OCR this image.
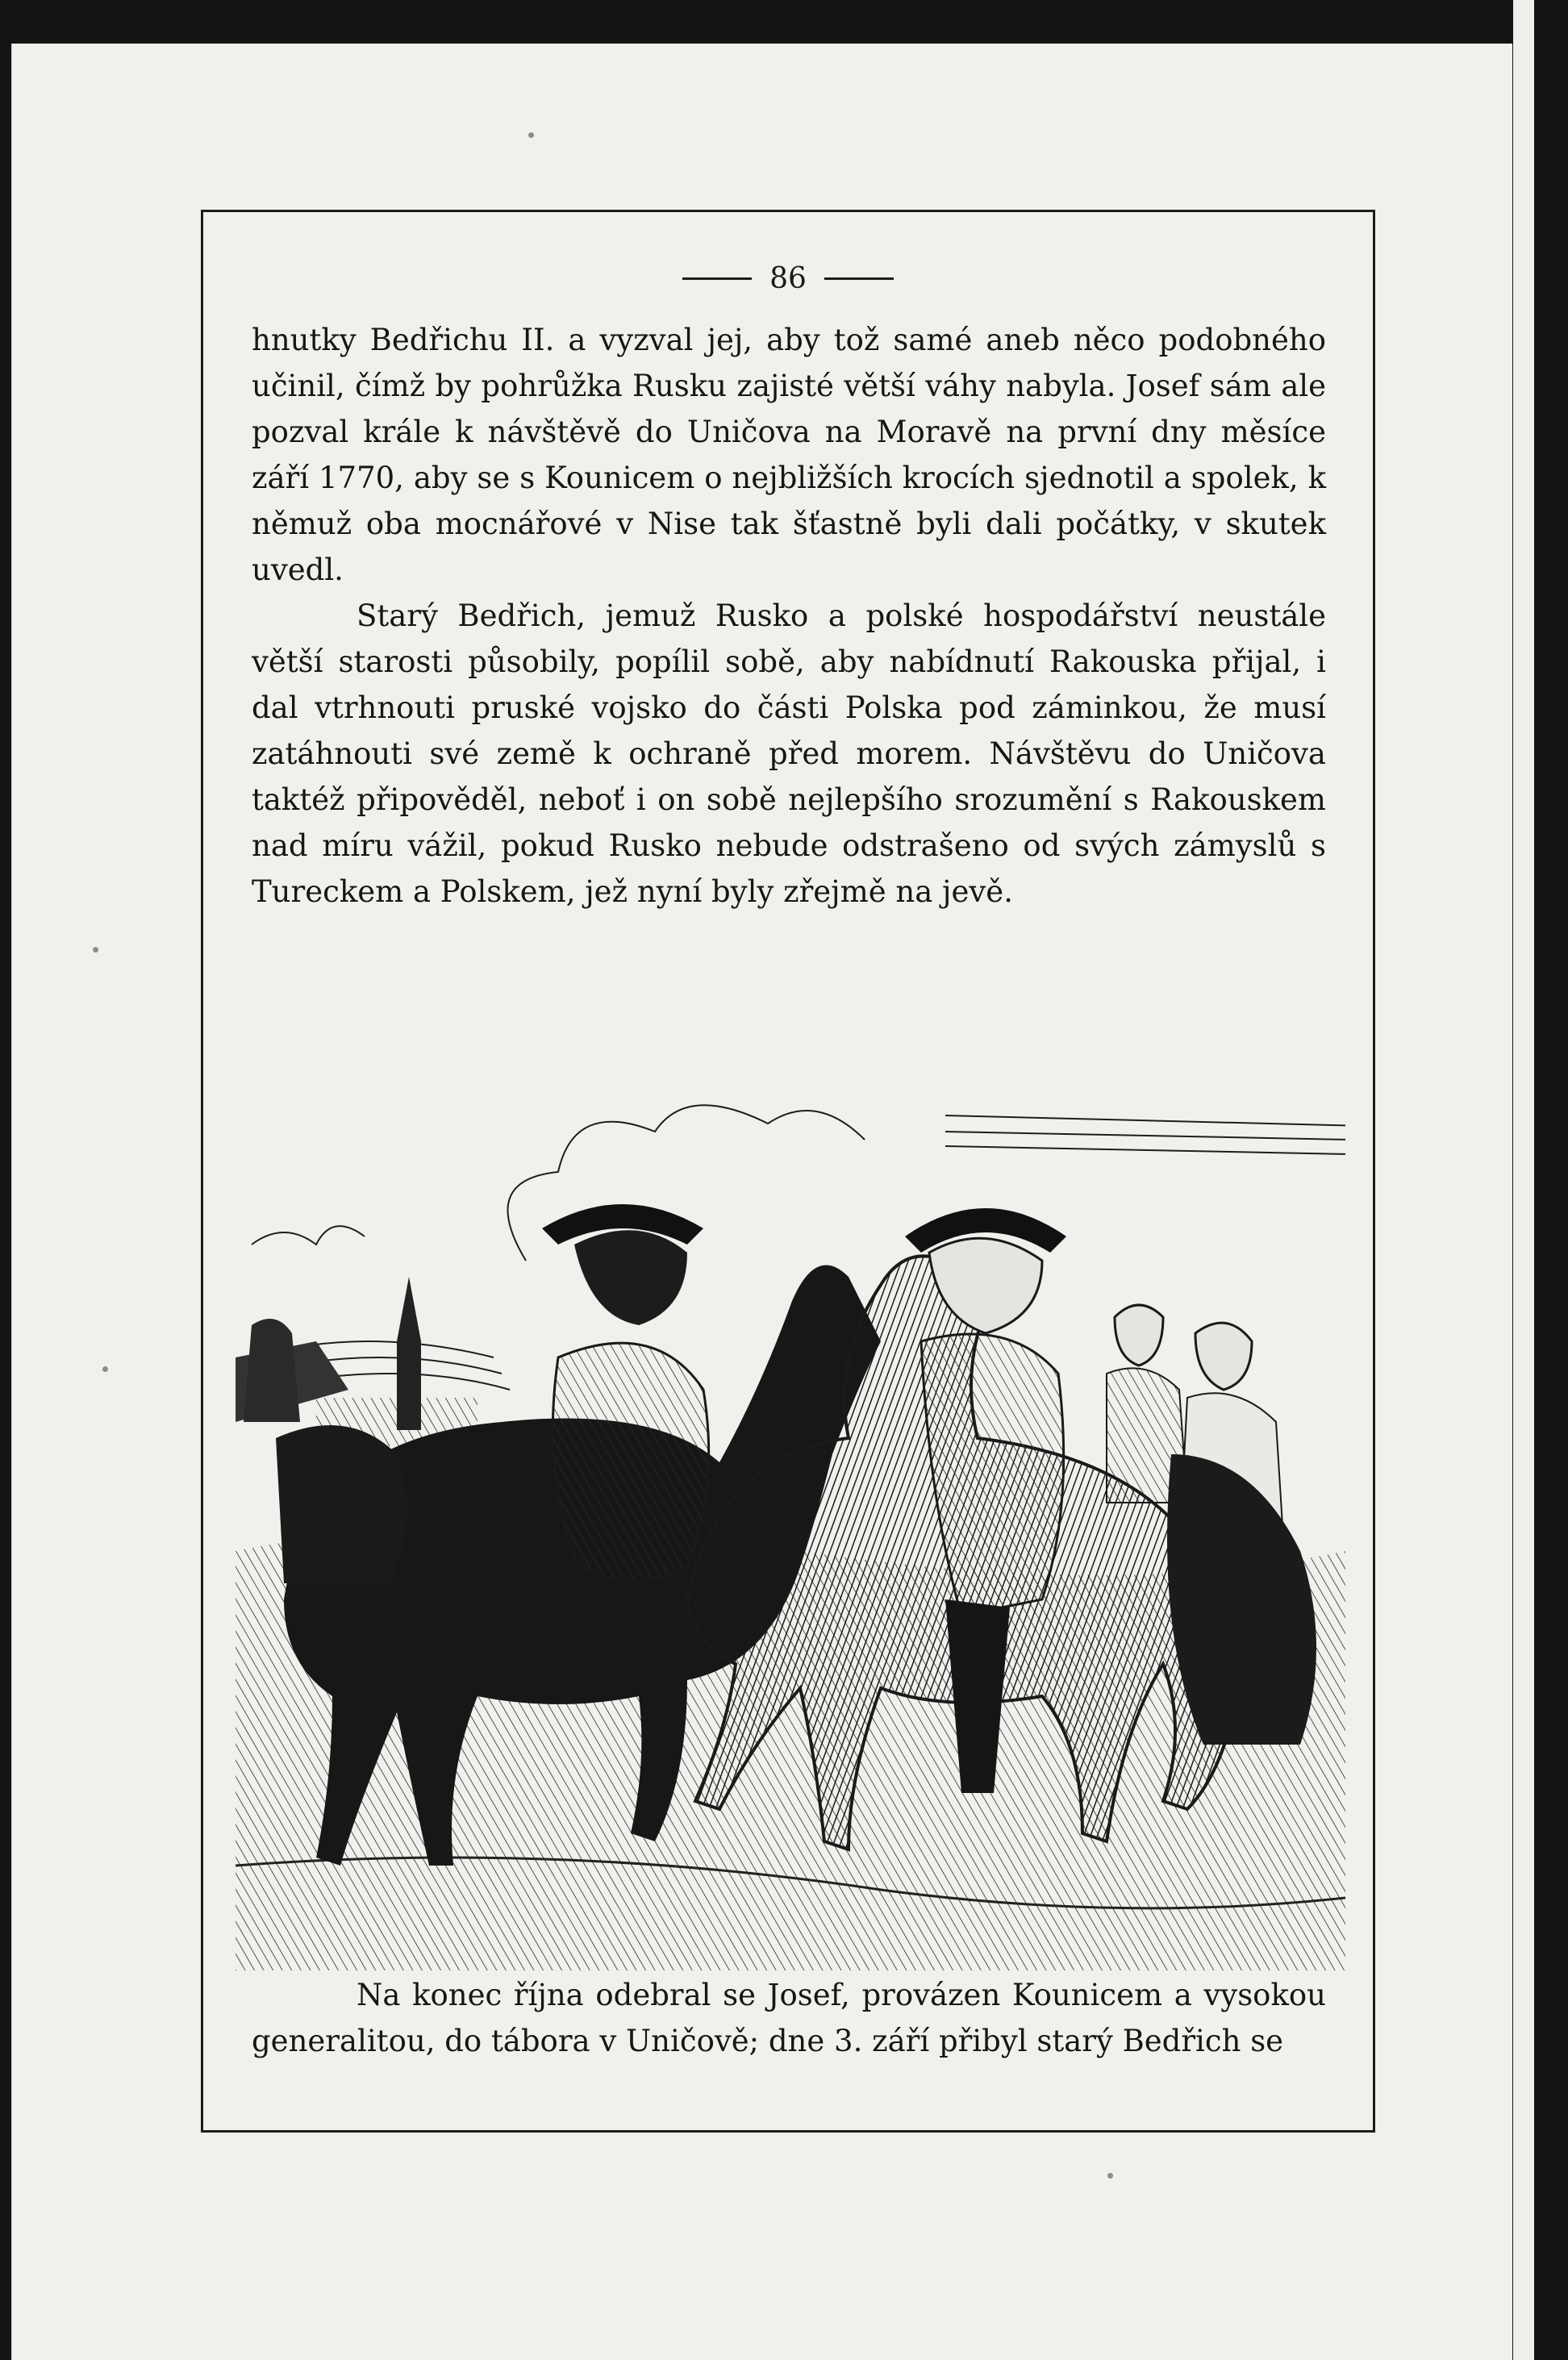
86

hnutky Bedřichu II. a vyzval jej, aby tož samé aneb něco podobného učinil, čímž by pohrůžka Rusku zajisté větší váhy nabyla. Josef sám ale pozval krále k návštěvě do Uničova na Moravě na první dny měsíce září 1770, aby se s Kounicem o nejbližších krocích sjednotil a spolek, k němuž oba mocnářové v Nise tak šťastně byli dali počátky, v skutek uvedl.

Starý Bedřich, jemuž Rusko a polské hospodářství neustále větší starosti působily, popílil sobě, aby nabídnutí Rakouska přijal, i dal vtrhnouti pruské vojsko do části Polska pod záminkou, že musí zatáhnouti své země k ochraně před morem. Návštěvu do Uničova taktéž připověděl, neboť i on sobě nejlepšího srozumění s Rakouskem nad míru vážil, pokud Rusko nebude odstrašeno od svých zámyslů s Tureckem a Polskem, jež nyní byly zřejmě na jevě.

Na konec října odebral se Josef, provázen Kounicem a vysokou generalitou, do tábora v Uničově; dne 3. září přibyl starý Bedřich se
